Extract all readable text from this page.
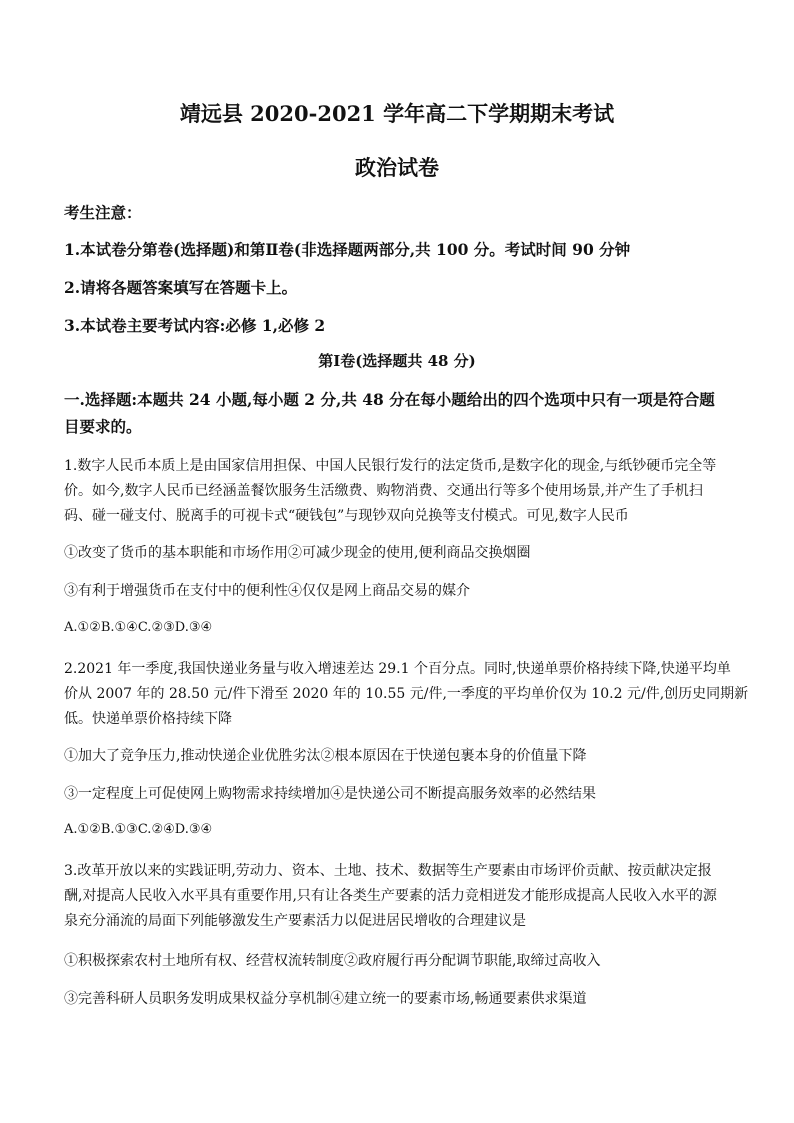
靖远县 2020-2021 学年高二下学期期末考试
政治试卷
考生注意：
1.本试卷分第卷(选择题)和第Ⅱ卷(非选择题两部分,共 100 分。考试时间 90 分钟
2.请将各题答案填写在答题卡上。
3.本试卷主要考试内容:必修 1,必修 2
第Ⅰ卷(选择题共 48 分)
一.选择题:本题共 24 小题,每小题 2 分,共 48 分在每小题给出的四个选项中只有一项是符合题
目要求的。
1.数字人民币本质上是由国家信用担保、中国人民银行发行的法定货币,是数字化的现金,与纸钞硬币完全等
价。如今,数字人民币已经涵盖餐饮服务生活缴费、购物消费、交通出行等多个使用场景,并产生了手机扫
码、碰一碰支付、脱离手的可视卡式“硬钱包”与现钞双向兑换等支付模式。可见,数字人民币
①改变了货币的基本职能和市场作用②可减少现金的使用,便利商品交换烟圈
③有利于增强货币在支付中的便利性④仅仅是网上商品交易的媒介
A.①②B.①④C.②③D.③④
2.2021 年一季度,我国快递业务量与收入增速差达 29.1 个百分点。同时,快递单票价格持续下降,快递平均单
价从 2007 年的 28.50 元/件下滑至 2020 年的 10.55 元/件,一季度的平均单价仅为 10.2 元/件,创历史同期新
低。快递单票价格持续下降
①加大了竞争压力,推动快递企业优胜劣汰②根本原因在于快递包裹本身的价值量下降
③一定程度上可促使网上购物需求持续增加④是快递公司不断提高服务效率的必然结果
A.①②B.①③C.②④D.③④
3.改革开放以来的实践证明,劳动力、资本、土地、技术、数据等生产要素由市场评价贡献、按贡献决定报
酬,对提高人民收入水平具有重要作用,只有让各类生产要素的活力竞相迸发才能形成提高人民收入水平的源
泉充分涌流的局面下列能够激发生产要素活力以促进居民增收的合理建议是
①积极探索农村土地所有权、经营权流转制度②政府履行再分配调节职能,取缔过高收入
③完善科研人员职务发明成果权益分享机制④建立统一的要素市场,畅通要素供求渠道
